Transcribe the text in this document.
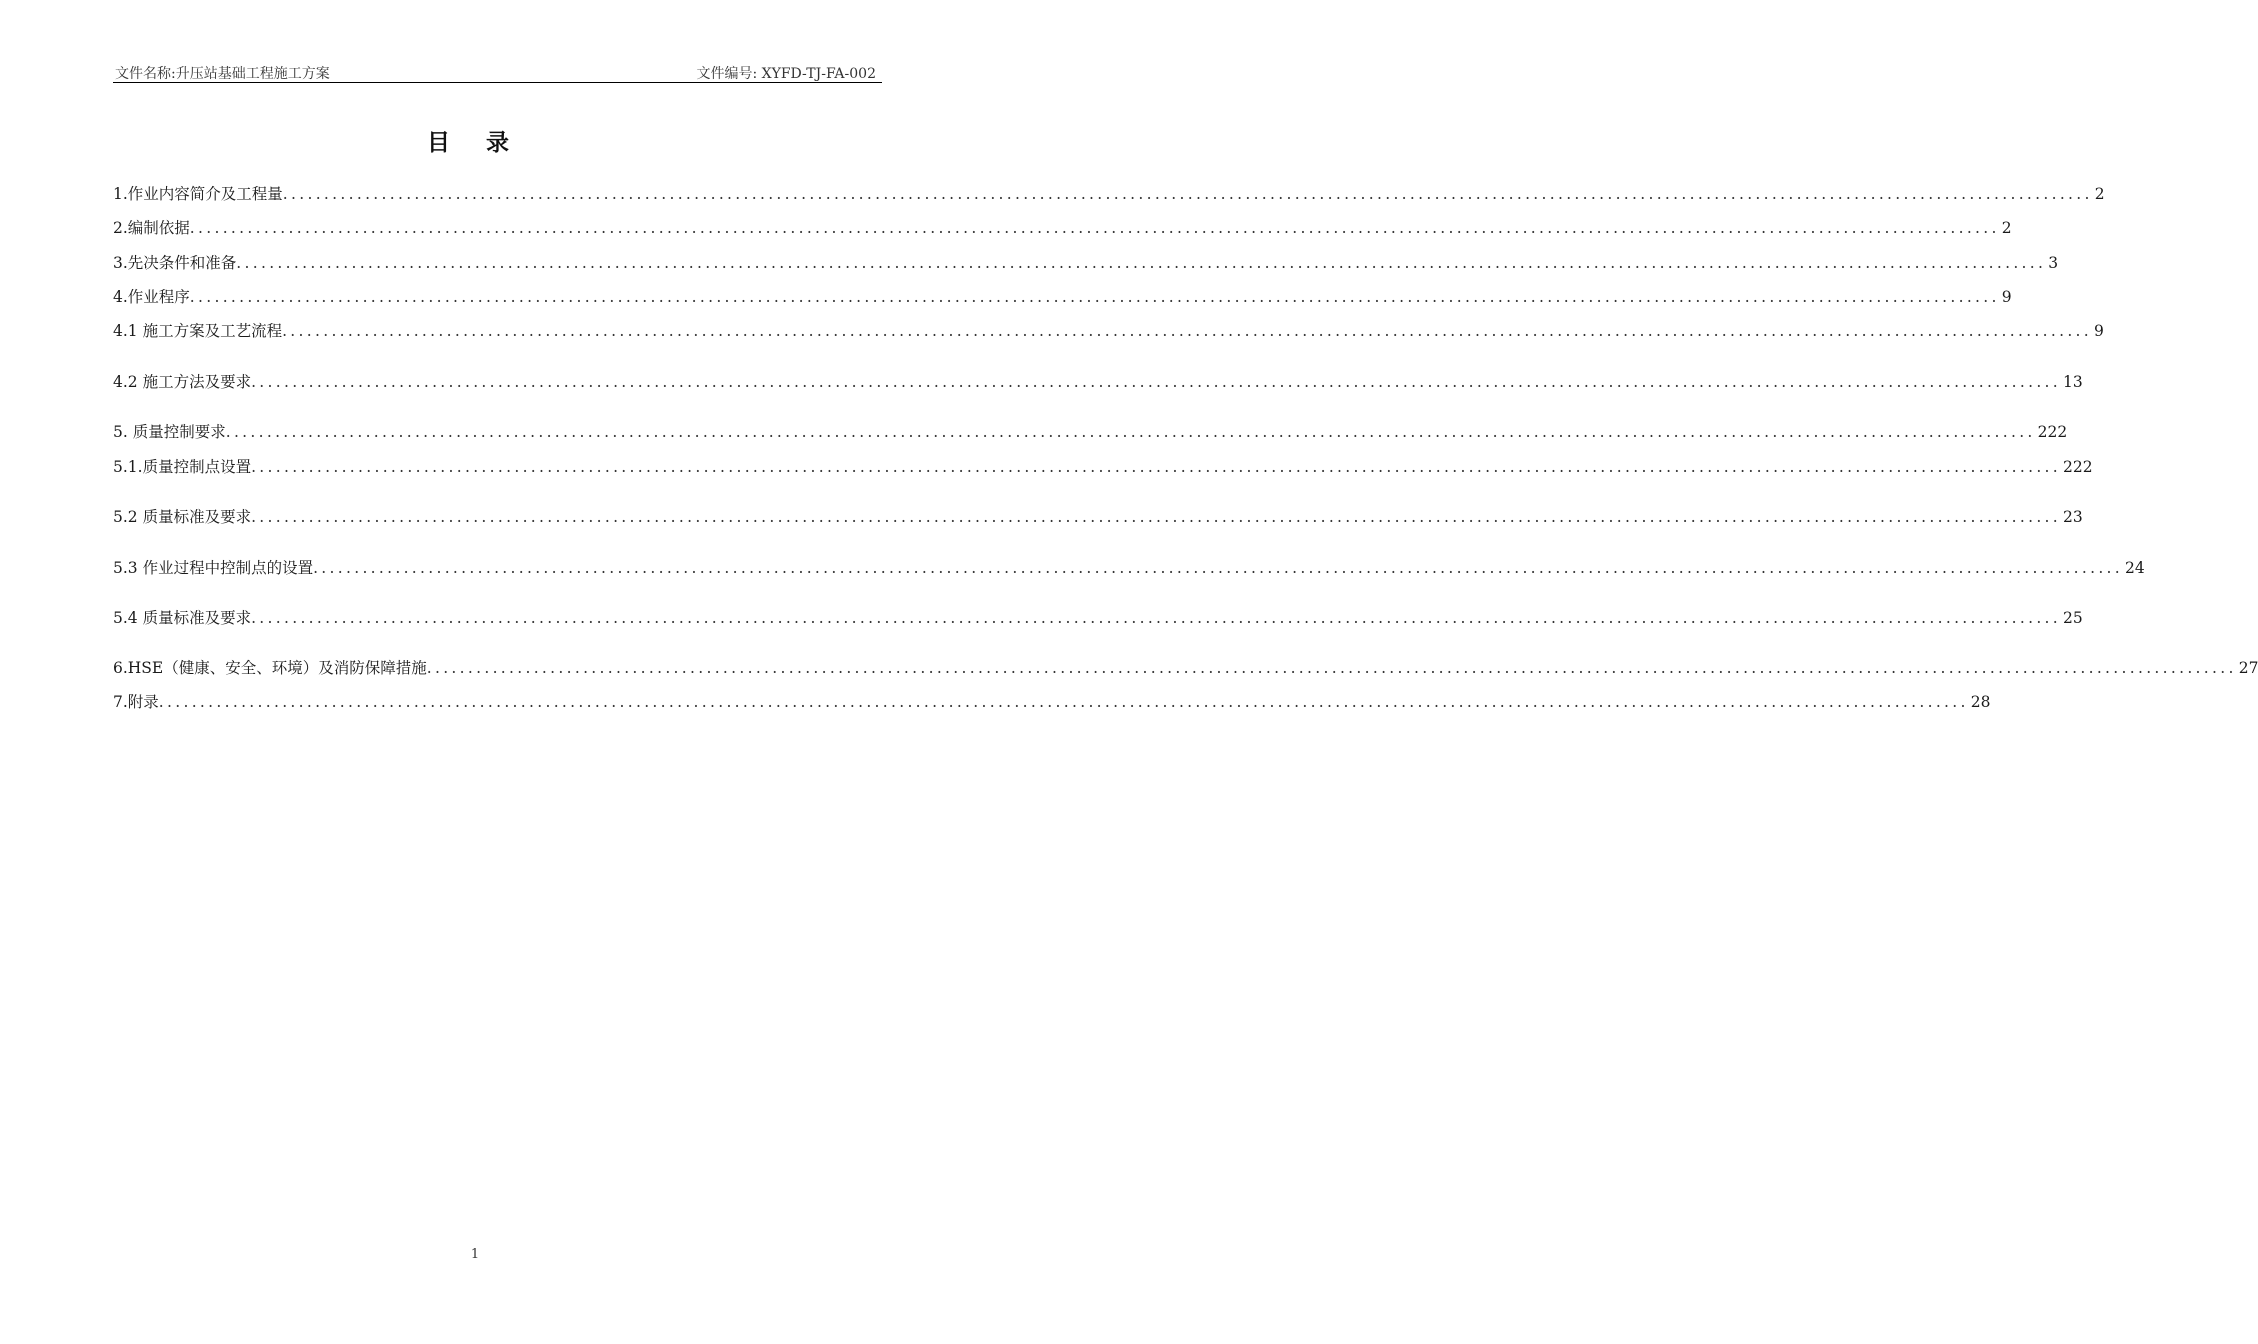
文件名称:升压站基础工程施工方案	文件编号: XYFD-TJ-FA-002
目 录
1.作业内容简介及工程量 ............................................................................................................................................................................................................................ 2
2.编制依据 ............................................................................................................................................................................................................................ 2
3.先决条件和准备 ............................................................................................................................................................................................................................ 3
4.作业程序 ............................................................................................................................................................................................................................ 9
4.1 施工方案及工艺流程 ............................................................................................................................................................................................................................ 9
4.2 施工方法及要求 ............................................................................................................................................................................................................................ 13
5. 质量控制要求 ............................................................................................................................................................................................................................ 222
5.1.质量控制点设置 ............................................................................................................................................................................................................................ 222
5.2 质量标准及要求 ............................................................................................................................................................................................................................ 23
5.3 作业过程中控制点的设置 ............................................................................................................................................................................................................................ 24
5.4 质量标准及要求 ............................................................................................................................................................................................................................ 25
6.HSE（健康、安全、环境）及消防保障措施 ............................................................................................................................................................................................................................ 27
7.附录 ............................................................................................................................................................................................................................ 28
1
